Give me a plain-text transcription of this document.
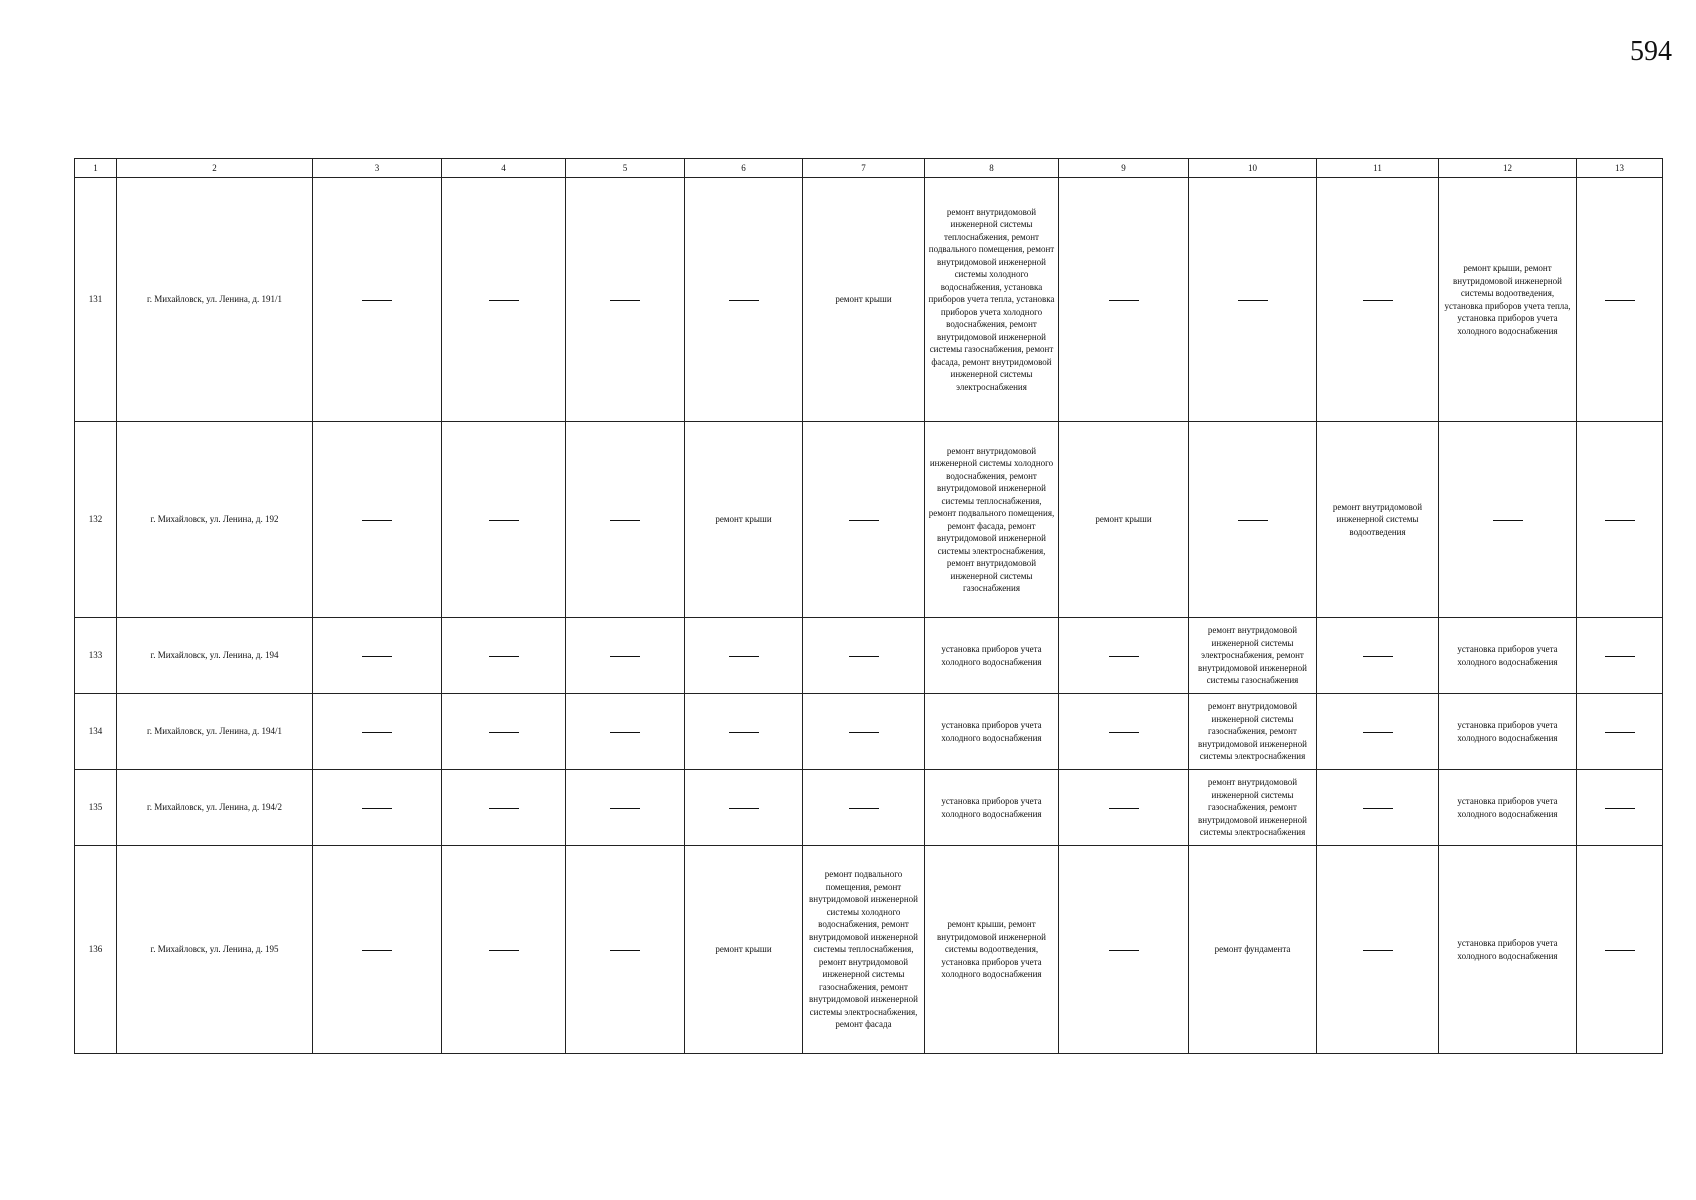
594
1	2	3	4	5	6	7	8	9	10	11	12	13
131	г. Михайловск, ул. Ленина, д. 191/1					ремонт крыши	ремонт внутридомовой инженерной системы теплоснабжения, ремонт подвального помещения, ремонт внутридомовой инженерной системы холодного водоснабжения, установка приборов учета тепла, установка приборов учета холодного водоснабжения, ремонт внутридомовой инженерной системы газоснабжения, ремонт фасада, ремонт внутридомовой инженерной системы электроснабжения				ремонт крыши, ремонт внутридомовой инженерной системы водоотведения, установка приборов учета тепла, установка приборов учета холодного водоснабжения	
132	г. Михайловск, ул. Ленина, д. 192				ремонт крыши		ремонт внутридомовой инженерной системы холодного водоснабжения, ремонт внутридомовой инженерной системы теплоснабжения, ремонт подвального помещения, ремонт фасада, ремонт внутридомовой инженерной системы электроснабжения, ремонт внутридомовой инженерной системы газоснабжения	ремонт крыши		ремонт внутридомовой инженерной системы водоотведения		
133	г. Михайловск, ул. Ленина, д. 194						установка приборов учета холодного водоснабжения		ремонт внутридомовой инженерной системы электроснабжения, ремонт внутридомовой инженерной системы газоснабжения		установка приборов учета холодного водоснабжения	
134	г. Михайловск, ул. Ленина, д. 194/1						установка приборов учета холодного водоснабжения		ремонт внутридомовой инженерной системы газоснабжения, ремонт внутридомовой инженерной системы электроснабжения		установка приборов учета холодного водоснабжения	
135	г. Михайловск, ул. Ленина, д. 194/2						установка приборов учета холодного водоснабжения		ремонт внутридомовой инженерной системы газоснабжения, ремонт внутридомовой инженерной системы электроснабжения		установка приборов учета холодного водоснабжения	
136	г. Михайловск, ул. Ленина, д. 195				ремонт крыши	ремонт подвального помещения, ремонт внутридомовой инженерной системы холодного водоснабжения, ремонт внутридомовой инженерной системы теплоснабжения, ремонт внутридомовой инженерной системы газоснабжения, ремонт внутридомовой инженерной системы электроснабжения, ремонт фасада	ремонт крыши, ремонт внутридомовой инженерной системы водоотведения, установка приборов учета холодного водоснабжения		ремонт фундамента		установка приборов учета холодного водоснабжения	
